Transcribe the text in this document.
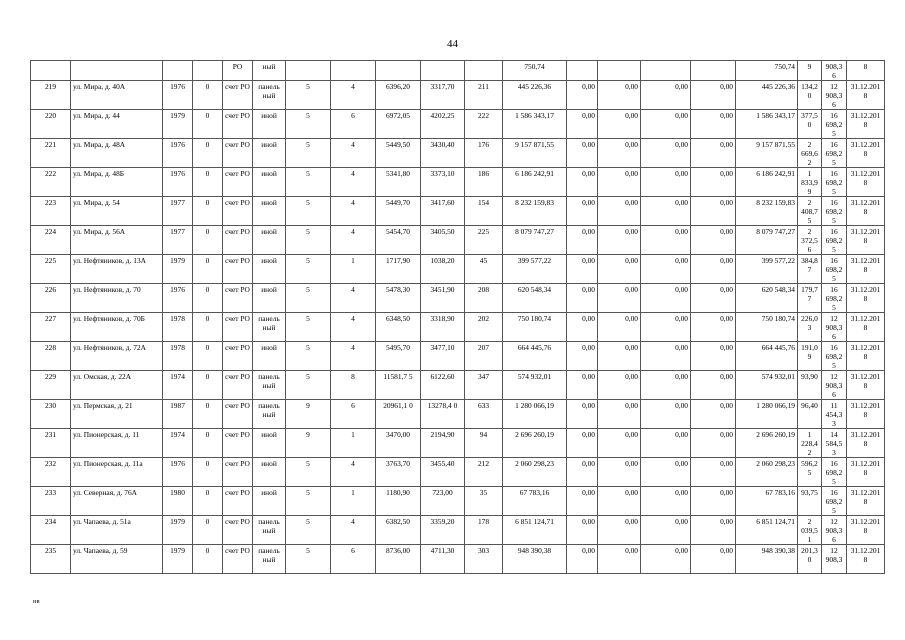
44
				РО	ный						750,74					750,74	9	908,3 6	8
219	ул. Мира, д. 40А	1976	0	счет РО	панель ный	5	4	6396,20	3317,70	211	445 226,36	0,00	0,00	0,00	0,00	445 226,36	134,2 0	12 908,3 6	31.12.201 8
220	ул. Мира, д. 44	1979	0	счет РО	иной	5	6	6972,05	4202,25	222	1 586 343,17	0,00	0,00	0,00	0,00	1 586 343,17	377,5 0	16 698,2 5	31.12.201 8
221	ул. Мира, д. 48А	1976	0	счет РО	иной	5	4	5449,50	3430,40	176	9 157 871,55	0,00	0,00	0,00	0,00	9 157 871,55	2 669,6 2	16 698,2 5	31.12.201 8
222	ул. Мира, д. 48Б	1976	0	счет РО	иной	5	4	5341,80	3373,10	186	6 186 242,91	0,00	0,00	0,00	0,00	6 186 242,91	1 833,9 9	16 698,2 5	31.12.201 8
223	ул. Мира, д. 54	1977	0	счет РО	иной	5	4	5449,70	3417,60	154	8 232 159,83	0,00	0,00	0,00	0,00	8 232 159,83	2 408,7 5	16 698,2 5	31.12.201 8
224	ул. Мира, д. 56А	1977	0	счет РО	иной	5	4	5454,70	3405,50	225	8 079 747,27	0,00	0,00	0,00	0,00	8 079 747,27	2 372,5 6	16 698,2 5	31.12.201 8
225	ул. Нефтяников, д. 13А	1979	0	счет РО	иной	5	1	1717,90	1038,20	45	399 577,22	0,00	0,00	0,00	0,00	399 577,22	384,8 7	16 698,2 5	31.12.201 8
226	ул. Нефтяников, д. 70	1976	0	счет РО	иной	5	4	5478,30	3451,90	208	620 548,34	0,00	0,00	0,00	0,00	620 548,34	179,7 7	16 698,2 5	31.12.201 8
227	ул. Нефтяников, д. 70Б	1978	0	счет РО	панель ный	5	4	6348,50	3318,90	202	750 180,74	0,00	0,00	0,00	0,00	750 180,74	226,0 3	12 908,3 6	31.12.201 8
228	ул. Нефтяников, д. 72А	1978	0	счет РО	иной	5	4	5495,70	3477,10	207	664 445,76	0,00	0,00	0,00	0,00	664 445,76	191,0 9	16 698,2 5	31.12.201 8
229	ул. Омская, д. 22А	1974	0	счет РО	панель ный	5	8	11581,7 5	6122,60	347	574 932,01	0,00	0,00	0,00	0,00	574 932,01	93,90	12 908,3 6	31.12.201 8
230	ул. Пермская, д. 21	1987	0	счет РО	панель ный	9	6	20961,1 0	13278,4 0	633	1 280 066,19	0,00	0,00	0,00	0,00	1 280 066,19	96,40	11 454,3 3	31.12.201 8
231	ул. Пионерская, д. 11	1974	0	счет РО	иной	9	1	3470,00	2194,90	94	2 696 260,19	0,00	0,00	0,00	0,00	2 696 260,19	1 228,4 2	14 584,5 3	31.12.201 8
232	ул. Пионерская, д. 11а	1976	0	счет РО	иной	5	4	3763,70	3455,40	212	2 060 298,23	0,00	0,00	0,00	0,00	2 060 298,23	596,2 5	16 698,2 5	31.12.201 8
233	ул. Северная, д. 76А	1980	0	счет РО	иной	5	1	1180,90	723,00	35	67 783,16	0,00	0,00	0,00	0,00	67 783,16	93,75	16 698,2 5	31.12.201 8
234	ул. Чапаева, д. 51а	1979	0	счет РО	панель ный	5	4	6382,50	3359,20	178	6 851 124,71	0,00	0,00	0,00	0,00	6 851 124,71	2 039,5 1	12 908,3 6	31.12.201 8
235	ул. Чапаева, д. 59	1979	0	счет РО	панель ный	5	6	8736,00	4711,30	303	948 390,38	0,00	0,00	0,00	0,00	948 390,38	201,3 0	12 908,3	31.12.201 8
нв
